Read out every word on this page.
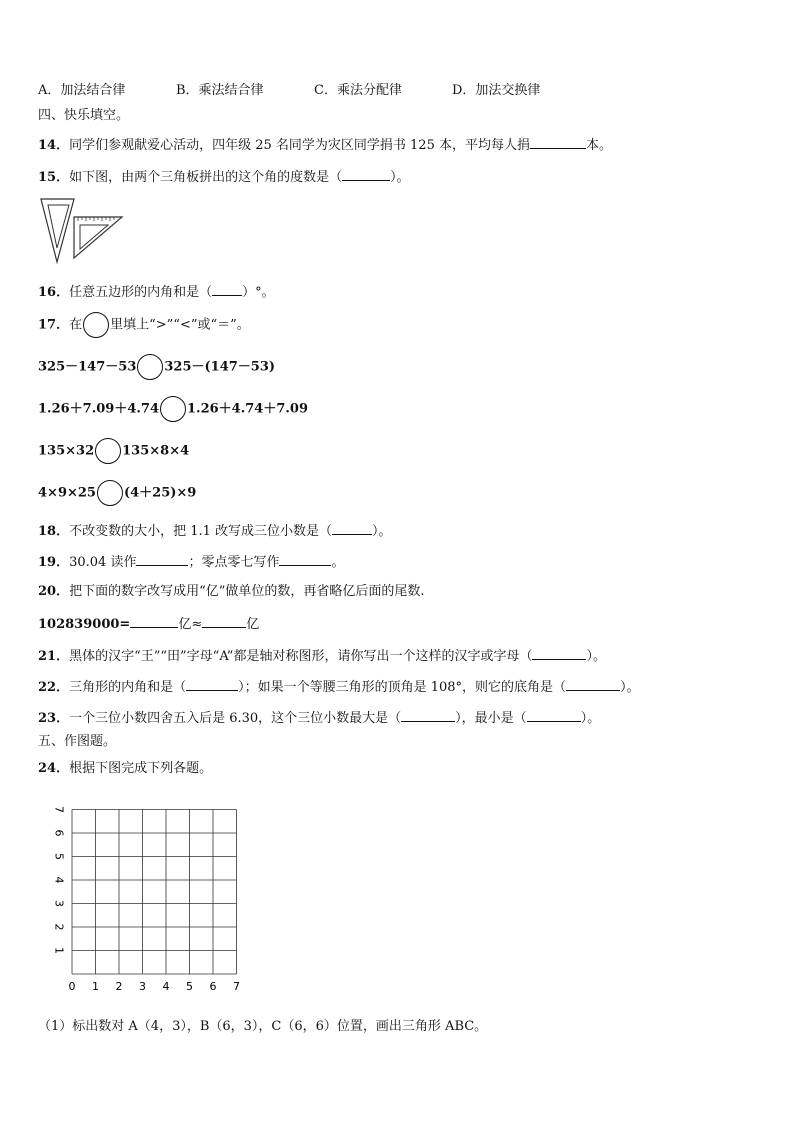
A．加法结合律	B．乘法结合律	C．乘法分配律	D．加法交换律
四、快乐填空。
14．同学们参观献爱心活动，四年级 25 名同学为灾区同学捐书 125 本，平均每人捐	本。
15．如下图，由两个三角板拼出的这个角的度数是（	）。
16．任意五边形的内角和是（ ）°。
17．在 里填上“>”“<”或“＝”。
325－147－53 325－(147－53)
1.26＋7.09＋4.74 1.26＋4.74＋7.09
135×32 135×8×4
4×9×25 (4＋25)×9
18．不改变数的大小，把 1.1 改写成三位小数是（	）。
19．30.04 读作	；零点零七写作	。
20．把下面的数字改写成用“亿”做单位的数，再省略亿后面的尾数.
102839000=	亿≈	亿
21．黑体的汉字“王”“田”字母“A”都是轴对称图形，请你写出一个这样的汉字或字母（	）。
22．三角形的内角和是（	）；如果一个等腰三角形的顶角是 108°，则它的底角是（	）。
23．一个三位小数四舍五入后是 6.30，这个三位小数最大是（	），最小是（	）。
五、作图题。
24．根据下图完成下列各题。
0 1 2 3 4 5 6 7
1
2
3
4
5
6
7
（1）标出数对 A（4，3），B（6，3），C（6，6）位置，画出三角形 ABC。
